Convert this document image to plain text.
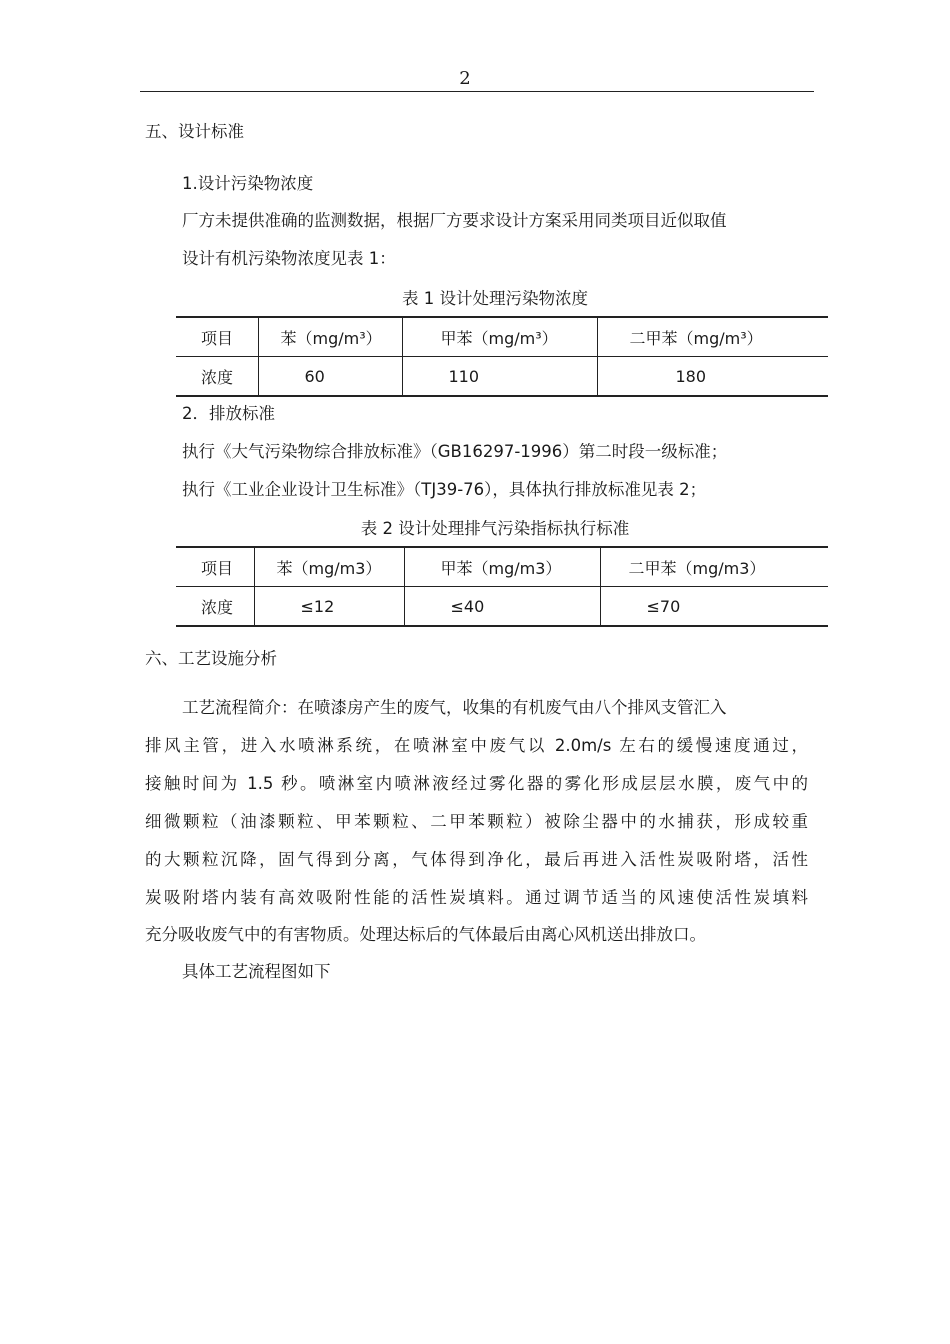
2
五、设计标准
1.设计污染物浓度
厂方未提供准确的监测数据，根据厂方要求设计方案采用同类项目近似取值
设计有机污染物浓度见表 1：
表 1 设计处理污染物浓度
项目	苯（mg/m³）	甲苯（mg/m³）	二甲苯（mg/m³）
浓度	60	110	180
2．排放标准
执行《大气污染物综合排放标准》（GB16297-1996）第二时段一级标准；
执行《工业企业设计卫生标准》（TJ39-76），具体执行排放标准见表 2；
表 2 设计处理排气污染指标执行标准
项目	苯（mg/m3）	甲苯（mg/m3）	二甲苯（mg/m3）
浓度	≤12	≤40	≤70
六、工艺设施分析
工艺流程简介：在喷漆房产生的废气，收集的有机废气由八个排风支管汇入
排风主管，进入水喷淋系统，在喷淋室中废气以 2.0m/s 左右的缓慢速度通过，
接触时间为 1.5 秒。喷淋室内喷淋液经过雾化器的雾化形成层层水膜，废气中的
细微颗粒（油漆颗粒、甲苯颗粒、二甲苯颗粒）被除尘器中的水捕获，形成较重
的大颗粒沉降，固气得到分离，气体得到净化，最后再进入活性炭吸附塔，活性
炭吸附塔内装有高效吸附性能的活性炭填料。通过调节适当的风速使活性炭填料
充分吸收废气中的有害物质。处理达标后的气体最后由离心风机送出排放口。
具体工艺流程图如下
